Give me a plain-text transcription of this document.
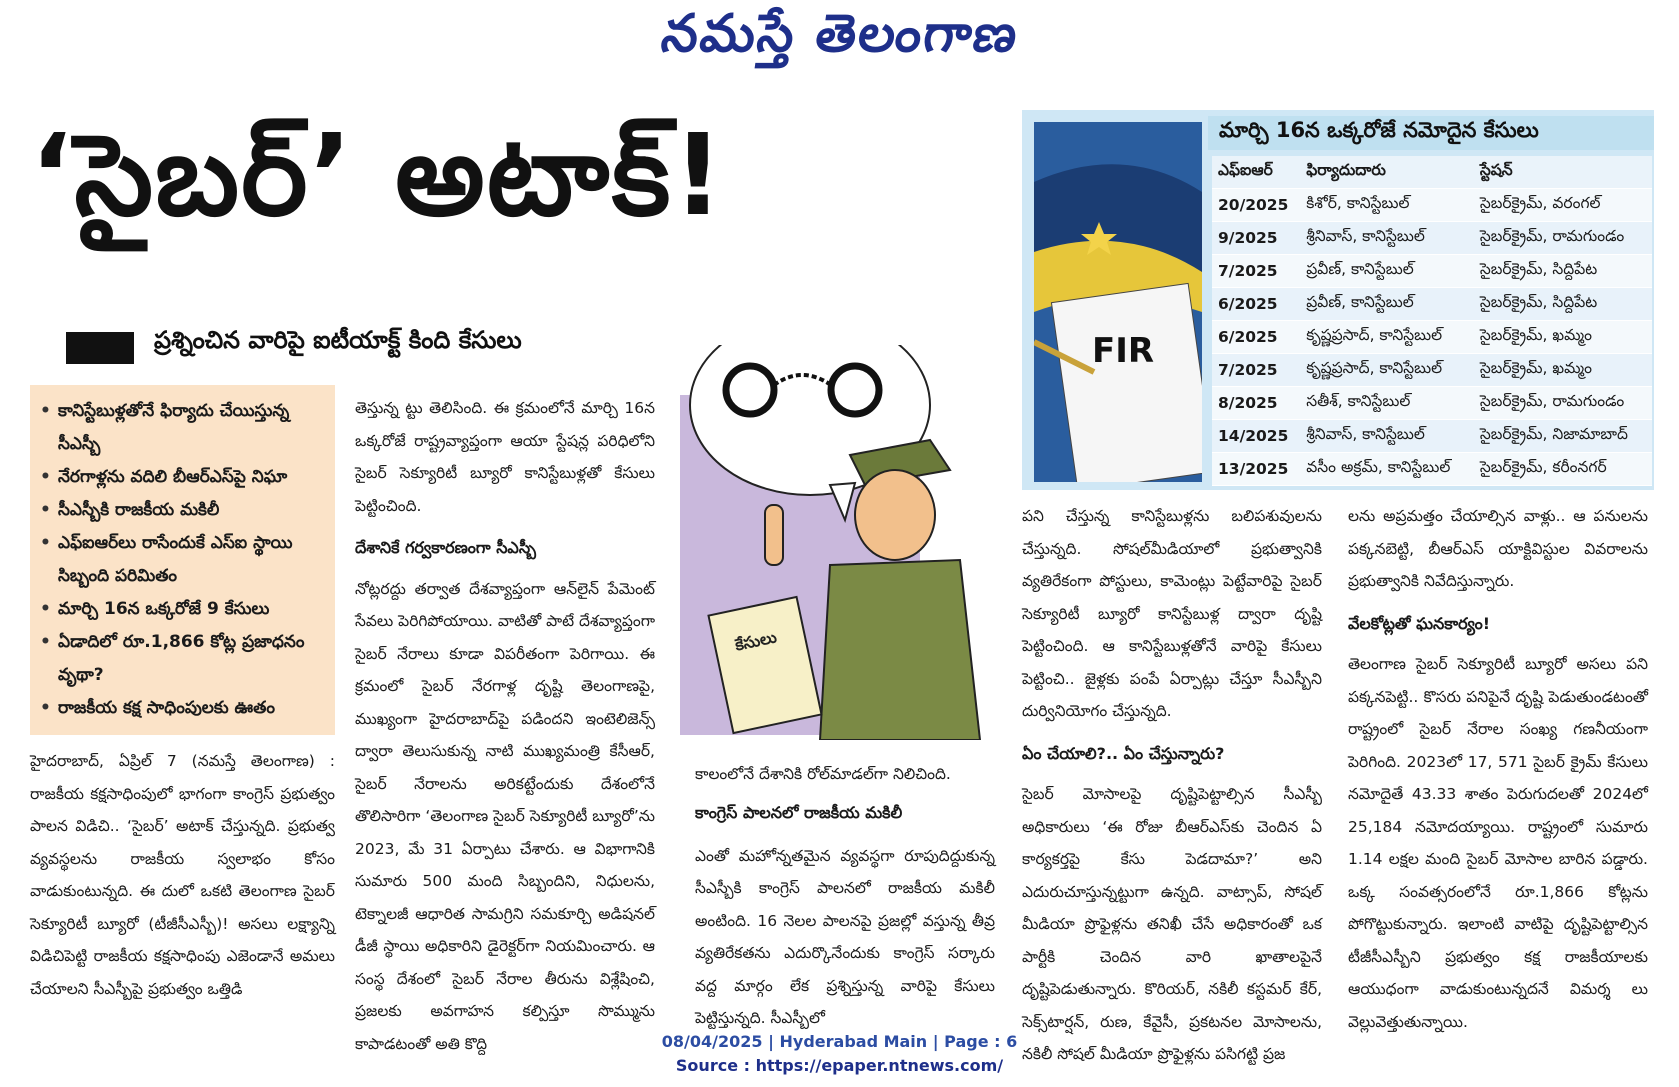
నమస్తే తెలంగాణ
‘సైబర్’ అటాక్!
ప్రశ్నించిన వారిపై ఐటీయాక్ట్ కింది కేసులు
• కానిస్టేబుళ్లతోనే ఫిర్యాదు చేయిస్తున్న సీఎస్బీ
• నేరగాళ్లను వదిలి బీఆర్ఎస్‌పై నిఘా
• సీఎస్బీకి రాజకీయ మకిలీ
• ఎఫ్ఐఆర్‌లు రాసేందుకే ఎస్ఐ స్థాయి సిబ్బంది పరిమితం
• మార్చి 16న ఒక్కరోజే 9 కేసులు
• ఏడాదిలో రూ.1,866 కోట్ల ప్రజాధనం వృథా?
• రాజకీయ కక్ష సాధింపులకు ఊతం
హైదరాబాద్, ఏప్రిల్ 7 (నమస్తే తెలంగాణ) : రాజకీయ కక్షసాధింపులో భాగంగా కాంగ్రెస్ ప్రభుత్వం పాలన విడిచి.. ‘సైబర్’ అటాక్ చేస్తున్నది. ప్రభుత్వ వ్యవస్థలను రాజకీయ స్వలాభం కోసం వాడుకుంటున్నది. ఈ దులో ఒకటి తెలంగాణ సైబర్ సెక్యూరిటీ బ్యూరో (టీజీసీఎస్బీ)! అసలు లక్ష్యాన్ని విడిచిపెట్టి రాజకీయ కక్షసాధింపు ఎజెండానే అమలు చేయాలని సీఎస్బీపై ప్రభుత్వం ఒత్తిడి
తెస్తున్న ట్టు తెలిసింది. ఈ క్రమంలోనే మార్చి 16న ఒక్కరోజే రాష్ట్రవ్యాప్తంగా ఆయా స్టేషన్ల పరిధిలోని సైబర్ సెక్యూరిటీ బ్యూరో కానిస్టేబుళ్లతో కేసులు పెట్టించింది.
దేశానికే గర్వకారణంగా సీఎస్బీ
నోట్లరద్దు తర్వాత దేశవ్యాప్తంగా ఆన్‌లైన్ పేమెంట్ సేవలు పెరిగిపోయాయి. వాటితో పాటే దేశవ్యాప్తంగా సైబర్ నేరాలు కూడా విపరీతంగా పెరిగాయి. ఈ క్రమంలో సైబర్ నేరగాళ్ల దృష్టి తెలంగాణపై, ముఖ్యంగా హైదరాబాద్‌పై పడిందని ఇంటెలిజెన్స్ ద్వారా తెలుసుకున్న నాటి ముఖ్యమంత్రి కేసీఆర్, సైబర్ నేరాలను అరికట్టేందుకు దేశంలోనే తొలిసారిగా ‘తెలంగాణ సైబర్ సెక్యూరిటీ బ్యూరో’ను 2023, మే 31 ఏర్పాటు చేశారు. ఆ విభాగానికి సుమారు 500 మంది సిబ్బందిని, నిధులను, టెక్నాలజీ ఆధారిత సామగ్రిని సమకూర్చి అడిషనల్ డీజీ స్థాయి అధికారిని డైరెక్టర్‌గా నియమించారు. ఆ సంస్థ దేశంలో సైబర్ నేరాల తీరును విశ్లేషించి, ప్రజలకు అవగాహన కల్పిస్తూ సొమ్మును కాపాడటంతో అతి కొద్ది
కేసులు
కాలంలోనే దేశానికి రోల్‌మాడల్‌గా నిలిచింది.
కాంగ్రెస్ పాలనలో రాజకీయ మకిలీ
ఎంతో మహోన్నతమైన వ్యవస్థగా రూపుదిద్దుకున్న సీఎస్బీకి కాంగ్రెస్ పాలనలో రాజకీయ మకిలీ అంటింది. 16 నెలల పాలనపై ప్రజల్లో వస్తున్న తీవ్ర వ్యతిరేకతను ఎదుర్కొనేందుకు కాంగ్రెస్ సర్కారు వద్ద మార్గం లేక ప్రశ్నిస్తున్న వారిపై కేసులు పెట్టిస్తున్నది. సీఎస్బీలో
FIR
మార్చి 16న ఒక్కరోజే నమోదైన కేసులు
ఎఫ్ఐఆర్	ఫిర్యాదుదారు	స్టేషన్
20/2025	కిశోర్, కానిస్టేబుల్	సైబర్‌క్రైమ్, వరంగల్
9/2025	శ్రీనివాస్, కానిస్టేబుల్	సైబర్‌క్రైమ్, రామగుండం
7/2025	ప్రవీణ్, కానిస్టేబుల్	సైబర్‌క్రైమ్, సిద్దిపేట
6/2025	ప్రవీణ్, కానిస్టేబుల్	సైబర్‌క్రైమ్, సిద్దిపేట
6/2025	కృష్ణప్రసాద్, కానిస్టేబుల్	సైబర్‌క్రైమ్, ఖమ్మం
7/2025	కృష్ణప్రసాద్, కానిస్టేబుల్	సైబర్‌క్రైమ్, ఖమ్మం
8/2025	సతీశ్, కానిస్టేబుల్	సైబర్‌క్రైమ్, రామగుండం
14/2025	శ్రీనివాస్, కానిస్టేబుల్	సైబర్‌క్రైమ్, నిజామాబాద్
13/2025	వసీం అక్రమ్, కానిస్టేబుల్	సైబర్‌క్రైమ్, కరీంనగర్
పని చేస్తున్న కానిస్టేబుళ్లను బలిపశువులను చేస్తున్నది. సోషల్‌మీడియాలో ప్రభుత్వానికి వ్యతిరేకంగా పోస్టులు, కామెంట్లు పెట్టేవారిపై సైబర్ సెక్యూరిటీ బ్యూరో కానిస్టేబుళ్ల ద్వారా దృష్టి పెట్టించింది. ఆ కానిస్టేబుళ్లతోనే వారిపై కేసులు పెట్టించి.. జైళ్లకు పంపే ఏర్పాట్లు చేస్తూ సీఎస్బీని దుర్వినియోగం చేస్తున్నది.
ఏం చేయాలి?.. ఏం చేస్తున్నారు?
సైబర్ మోసాలపై దృష్టిపెట్టాల్సిన సీఎస్బీ అధికారులు ‘ఈ రోజు బీఆర్ఎస్‌కు చెందిన ఏ కార్యకర్తపై కేసు పెడదామా?’ అని ఎదురుచూస్తున్నట్టుగా ఉన్నది. వాట్సాప్, సోషల్ మీడియా ప్రొఫైళ్లను తనిఖీ చేసే అధికారంతో ఒక పార్టీకి చెందిన వారి ఖాతాలపైనే దృష్టిపెడుతున్నారు. కొరియర్, నకిలీ కస్టమర్ కేర్, సెక్స్‌టార్షన్, రుణ, కేవైసీ, ప్రకటనల మోసాలను, నకిలీ సోషల్ మీడియా ప్రొఫైళ్లను పసిగట్టి ప్రజ
లను అప్రమత్తం చేయాల్సిన వాళ్లు.. ఆ పనులను పక్కనబెట్టి, బీఆర్ఎస్ యాక్టివిస్టుల వివరాలను ప్రభుత్వానికి నివేదిస్తున్నారు.
వేలకోట్లతో ఘనకార్యం!
తెలంగాణ సైబర్ సెక్యూరిటీ బ్యూరో అసలు పని పక్కనపెట్టి.. కొసరు పనిపైనే దృష్టి పెడుతుండటంతో రాష్ట్రంలో సైబర్ నేరాల సంఖ్య గణనీయంగా పెరిగింది. 2023లో 17, 571 సైబర్ క్రైమ్ కేసులు నమోదైతే 43.33 శాతం పెరుగుదలతో 2024లో 25,184 నమోదయ్యాయి. రాష్ట్రంలో సుమారు 1.14 లక్షల మంది సైబర్ మోసాల బారిన పడ్డారు. ఒక్క సంవత్సరంలోనే రూ.1,866 కోట్లను పోగొట్టుకున్నారు. ఇలాంటి వాటిపై దృష్టిపెట్టాల్సిన టీజీసీఎస్బీని ప్రభుత్వం కక్ష రాజకీయాలకు ఆయుధంగా వాడుకుంటున్నదనే విమర్శ లు వెల్లువెత్తుతున్నాయి.
08/04/2025 | Hyderabad Main | Page : 6
Source : https://epaper.ntnews.com/
